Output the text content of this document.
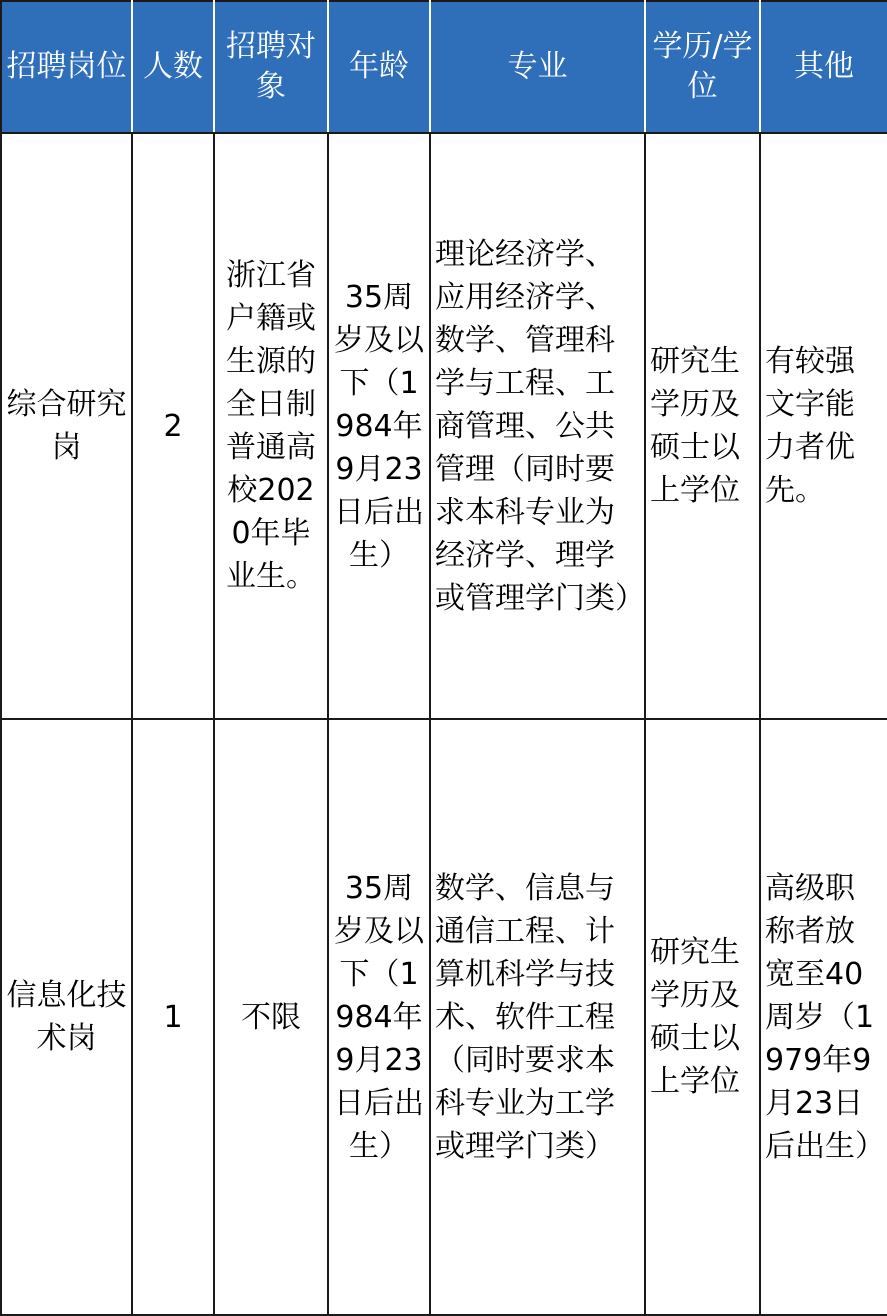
招聘岗位	人数	招聘对象	年龄	专业	学历/学位	其他
综合研究岗	2	浙江省户籍或生源的全日制普通高校2020年毕业生。	35周岁及以下（1984年9月23日后出生）	理论经济学、应用经济学、数学、管理科学与工程、工商管理、公共管理（同时要求本科专业为经济学、理学或管理学门类）	研究生学历及硕士以上学位	有较强文字能力者优先。
信息化技术岗	1	不限	35周岁及以下（1984年9月23日后出生）	数学、信息与通信工程、计算机科学与技术、软件工程（同时要求本科专业为工学或理学门类）	研究生学历及硕士以上学位	高级职称者放宽至40周岁（1979年9月23日后出生）
